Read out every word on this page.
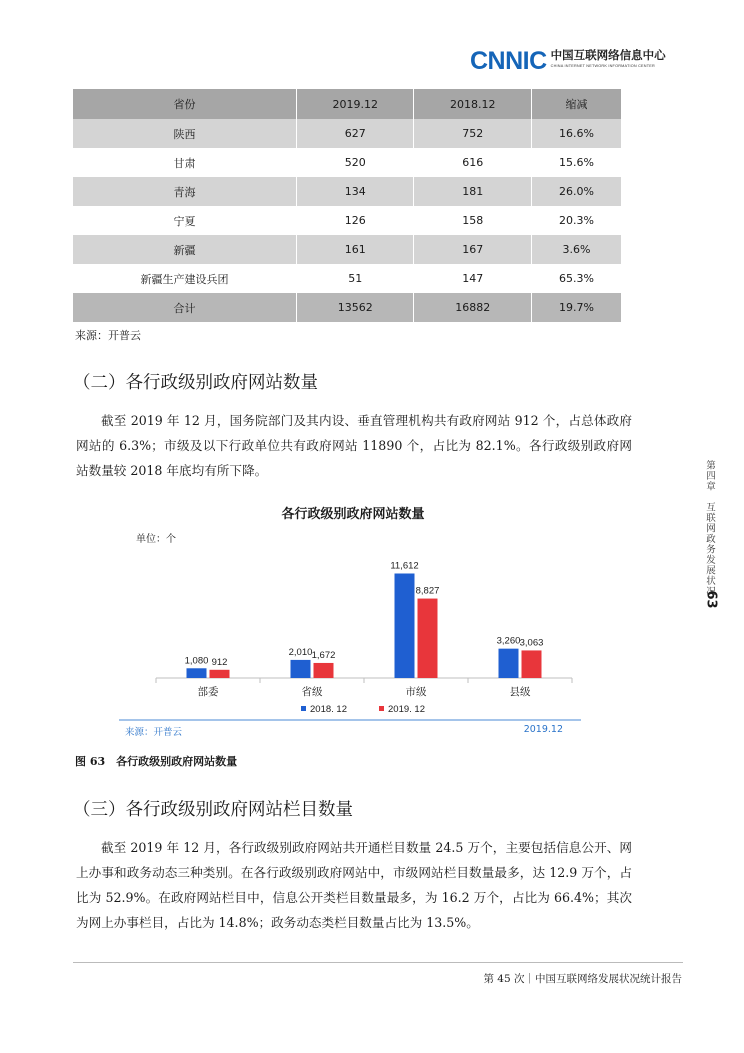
CNNIC 中国互联网络信息中心
CHINA INTERNET NETWORK INFORMATION CENTER
省份	2019.12	2018.12	缩减
陕西	627	752	16.6%
甘肃	520	616	15.6%
青海	134	181	26.0%
宁夏	126	158	20.3%
新疆	161	167	3.6%
新疆生产建设兵团	51	147	65.3%
合计	13562	16882	19.7%
来源：开普云
（二）各行政级别政府网站数量

截至 2019 年 12 月，国务院部门及其内设、垂直管理机构共有政府网站 912 个，占总体政府网站的 6.3%；市级及以下行政单位共有政府网站 11890 个，占比为 82.1%。各行政级别政府网站数量较 2018 年底均有所下降。

各行政级别政府网站数量
单位：个
1,080 912
部委
2,010 1,672
省级
11,612
8,827
市级
3,260 3,063
县级
2018. 12	2019. 12
来源：开普云	2019.12
图 63　各行政级别政府网站数量
（三）各行政级别政府网站栏目数量

截至 2019 年 12 月，各行政级别政府网站共开通栏目数量 24.5 万个，主要包括信息公开、网上办事和政务动态三种类别。在各行政级别政府网站中，市级网站栏目数量最多，达 12.9 万个，占比为 52.9%。在政府网站栏目中，信息公开类栏目数量最多，为 16.2 万个，占比为 66.4%；其次为网上办事栏目，占比为 14.8%；政务动态类栏目数量占比为 13.5%。

第四章　互联网政务发展状况
63
第 45 次｜中国互联网络发展状况统计报告
